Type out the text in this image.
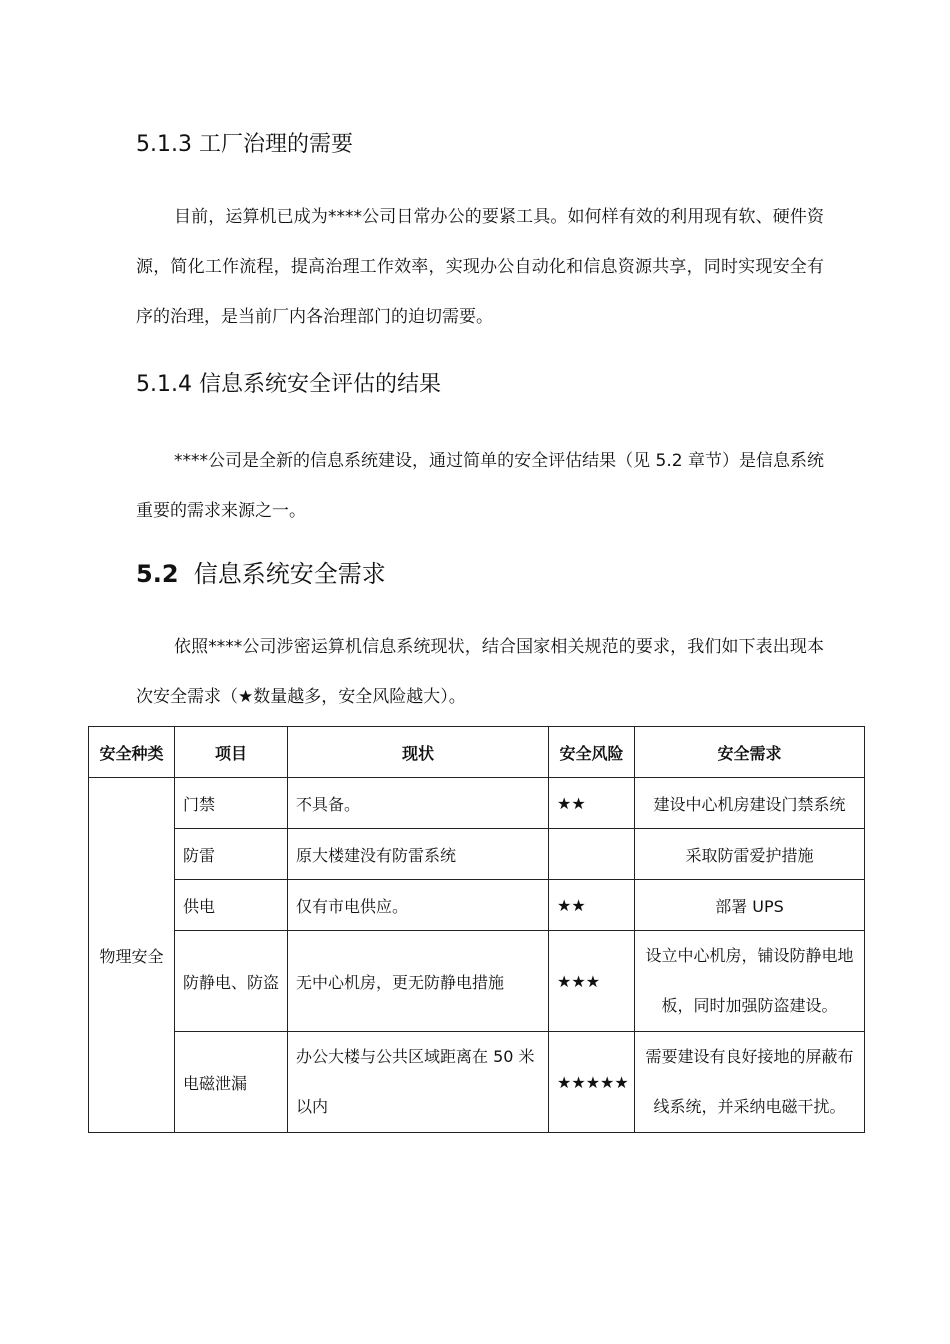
5.1.3 工厂治理的需要

目前，运算机已成为****公司日常办公的要紧工具。如何样有效的利用现有软、硬件资源，简化工作流程，提高治理工作效率，实现办公自动化和信息资源共享，同时实现安全有序的治理，是当前厂内各治理部门的迫切需要。

5.1.4 信息系统安全评估的结果

****公司是全新的信息系统建设，通过简单的安全评估结果（见 5.2 章节）是信息系统重要的需求来源之一。

5.2 信息系统安全需求

依照****公司涉密运算机信息系统现状，结合国家相关规范的要求，我们如下表出现本次安全需求（★数量越多，安全风险越大）。

安全种类	项目	现状	安全风险	安全需求
物理安全	门禁	不具备。	★★	建设中心机房建设门禁系统
	防雷	原大楼建没有防雷系统		采取防雷爱护措施
	供电	仅有市电供应。	★★	部署 UPS
	防静电、防盗	无中心机房，更无防静电措施	★★★	设立中心机房，铺设防静电地板，同时加强防盗建设。
	电磁泄漏	办公大楼与公共区域距离在 50 米以内	★★★★★	需要建设有良好接地的屏蔽布线系统，并采纳电磁干扰。
